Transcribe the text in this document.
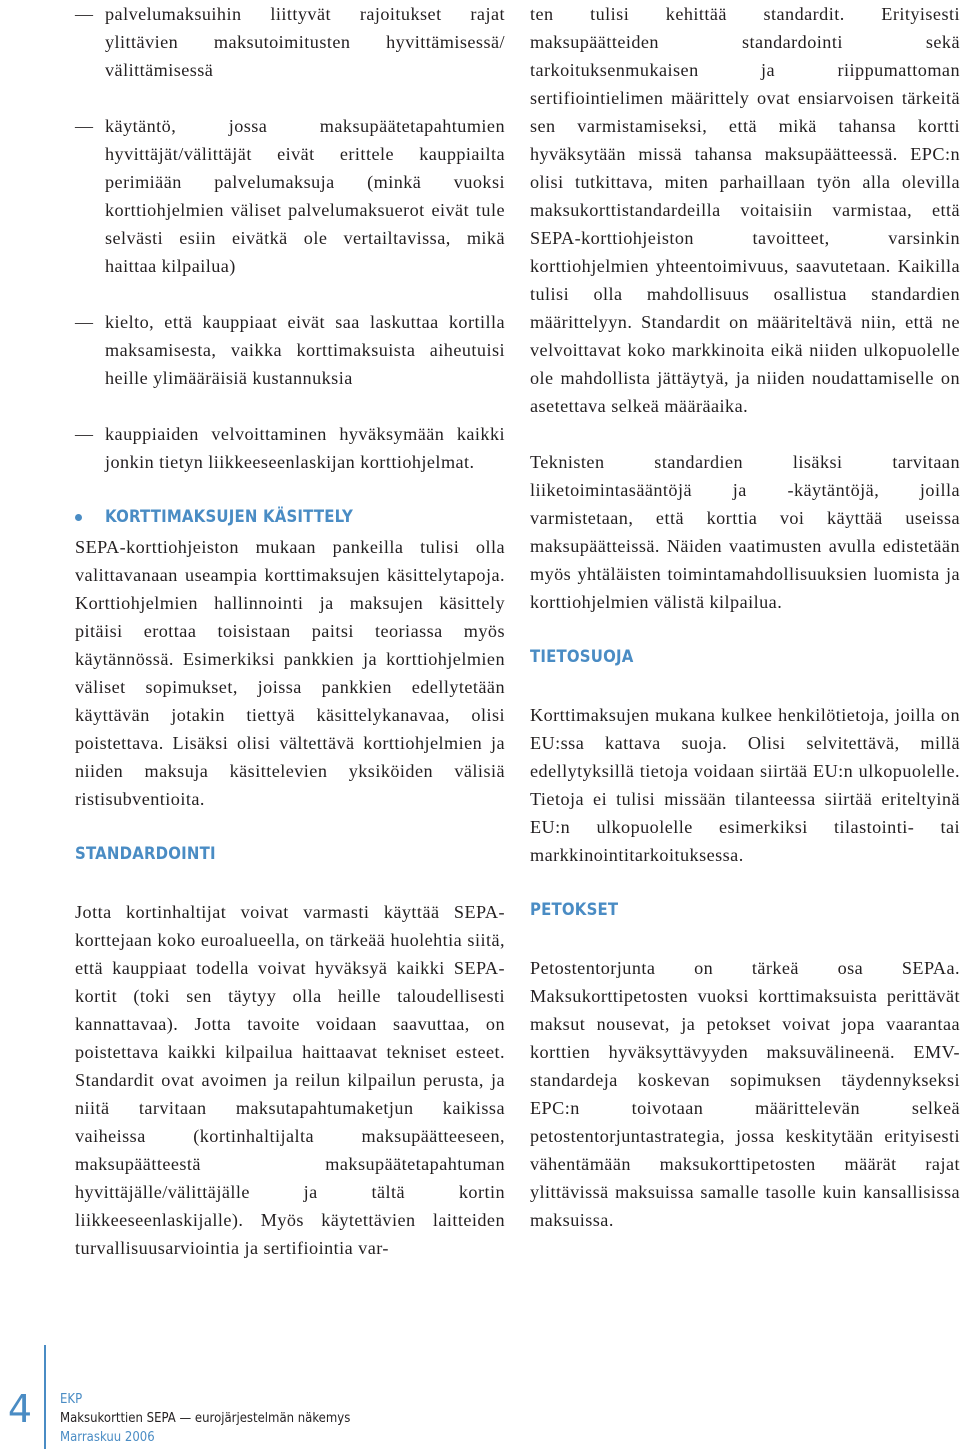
— palvelumaksuihin liittyvät rajoitukset rajat ylittävien maksutoimitusten hyvittämisessä/ välittämisessä

— käytäntö, jossa maksupäätetapahtumien hyvittäjät/välittäjät eivät erittele kauppiailta perimiään palvelumaksuja (minkä vuoksi korttiohjelmien väliset palvelumaksuerot eivät tule selvästi esiin eivätkä ole vertailtavissa, mikä haittaa kilpailua)

— kielto, että kauppiaat eivät saa laskuttaa kortilla maksamisesta, vaikka korttimaksuista aiheutuisi heille ylimääräisiä kustannuksia

— kauppiaiden velvoittaminen hyväksymään kaikki jonkin tietyn liikkeeseenlaskijan korttiohjelmat.

KORTTIMAKSUJEN KÄSITTELY

SEPA-korttiohjeiston mukaan pankeilla tulisi olla valittavanaan useampia korttimaksujen käsittelytapoja. Korttiohjelmien hallinnointi ja maksujen käsittely pitäisi erottaa toisistaan paitsi teoriassa myös käytännössä. Esimerkiksi pankkien ja korttiohjelmien väliset sopimukset, joissa pankkien edellytetään käyttävän jotakin tiettyä käsittelykanavaa, olisi poistettava. Lisäksi olisi vältettävä korttiohjelmien ja niiden maksuja käsittelevien yksiköiden välisiä ristisubventioita.

STANDARDOINTI

Jotta kortinhaltijat voivat varmasti käyttää SEPA-korttejaan koko euroalueella, on tärkeää huolehtia siitä, että kauppiaat todella voivat hyväksyä kaikki SEPA-kortit (toki sen täytyy olla heille taloudellisesti kannattavaa). Jotta tavoite voidaan saavuttaa, on poistettava kaikki kilpailua haittaavat tekniset esteet. Standardit ovat avoimen ja reilun kilpailun perusta, ja niitä tarvitaan maksutapahtumaketjun kaikissa vaiheissa (kortinhaltijalta maksupäätteeseen, maksupäätteestä maksupäätetapahtuman hyvittäjälle/välittäjälle ja tältä kortin liikkeeseenlaskijalle). Myös käytettävien laitteiden turvallisuusarviointia ja sertifiointia var-

ten tulisi kehittää standardit. Erityisesti maksupäätteiden standardointi sekä tarkoituksenmukaisen ja riippumattoman sertifiointielimen määrittely ovat ensiarvoisen tärkeitä sen varmistamiseksi, että mikä tahansa kortti hyväksytään missä tahansa maksupäätteessä. EPC:n olisi tutkittava, miten parhaillaan työn alla olevilla maksukorttistandardeilla voitaisiin varmistaa, että SEPA-korttiohjeiston tavoitteet, varsinkin korttiohjelmien yhteentoimivuus, saavutetaan. Kaikilla tulisi olla mahdollisuus osallistua standardien määrittelyyn. Standardit on määriteltävä niin, että ne velvoittavat koko markkinoita eikä niiden ulkopuolelle ole mahdollista jättäytyä, ja niiden noudattamiselle on asetettava selkeä määräaika.

Teknisten standardien lisäksi tarvitaan liiketoimintasääntöjä ja -käytäntöjä, joilla varmistetaan, että korttia voi käyttää useissa maksupäätteissä. Näiden vaatimusten avulla edistetään myös yhtäläisten toimintamahdollisuuksien luomista ja korttiohjelmien välistä kilpailua.

TIETOSUOJA

Korttimaksujen mukana kulkee henkilötietoja, joilla on EU:ssa kattava suoja. Olisi selvitettävä, millä edellytyksillä tietoja voidaan siirtää EU:n ulkopuolelle. Tietoja ei tulisi missään tilanteessa siirtää eriteltyinä EU:n ulkopuolelle esimerkiksi tilastointi- tai markkinointitarkoituksessa.

PETOKSET

Petostentorjunta on tärkeä osa SEPAa. Maksukorttipetosten vuoksi korttimaksuista perittävät maksut nousevat, ja petokset voivat jopa vaarantaa korttien hyväksyttävyyden maksuvälineenä. EMV-standardeja koskevan sopimuksen täydennykseksi EPC:n toivotaan määrittelevän selkeä petostentorjuntastrategia, jossa keskitytään erityisesti vähentämään maksukorttipetosten määrät rajat ylittävissä maksuissa samalle tasolle kuin kansallisissa maksuissa.

4	EKP
Maksukorttien SEPA — eurojärjestelmän näkemys
Marraskuu 2006
